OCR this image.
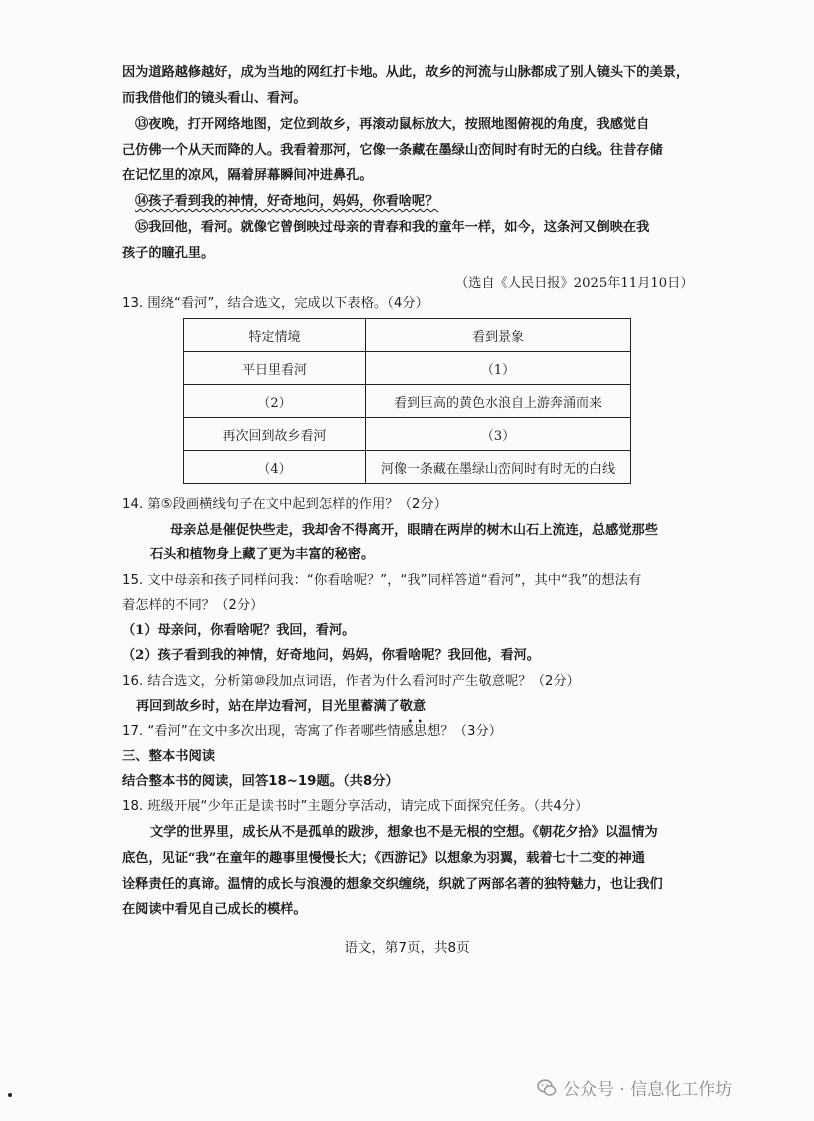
因为道路越修越好，成为当地的网红打卡地。从此，故乡的河流与山脉都成了别人镜头下的美景，
而我借他们的镜头看山、看河。
⑬夜晚，打开网络地图，定位到故乡，再滚动鼠标放大，按照地图俯视的角度，我感觉自
己仿佛一个从天而降的人。我看着那河，它像一条藏在墨绿山峦间时有时无的白线。往昔存储
在记忆里的凉风，隔着屏幕瞬间冲进鼻孔。
⑭孩子看到我的神情，好奇地问，妈妈，你看啥呢？
⑮我回他，看河。就像它曾倒映过母亲的青春和我的童年一样，如今，这条河又倒映在我
孩子的瞳孔里。
（选自《人民日报》2025年11月10日）
13. 围绕“看河”，结合选文，完成以下表格。（4分）
特定情境	看到景象
平日里看河	（1）
（2）	看到巨高的黄色水浪自上游奔涌而来
再次回到故乡看河	（3）
（4）	河像一条藏在墨绿山峦间时有时无的白线
14. 第⑤段画横线句子在文中起到怎样的作用？（2分）
母亲总是催促快些走，我却舍不得离开，眼睛在两岸的树木山石上流连，总感觉那些
石头和植物身上藏了更为丰富的秘密。
15. 文中母亲和孩子同样问我：“你看啥呢？”，“我”同样答道“看河”，其中“我”的想法有
着怎样的不同？（2分）
（1）母亲问，你看啥呢？我回，看河。
（2）孩子看到我的神情，好奇地问，妈妈，你看啥呢？我回他，看河。
16. 结合选文，分析第⑩段加点词语，作者为什么看河时产生敬意呢？（2分）
再回到故乡时，站在岸边看河，目光里蓄满了敬意 • •
17. “看河”在文中多次出现，寄寓了作者哪些情感思想？（3分）
三、整本书阅读
结合整本书的阅读，回答18~19题。（共8分）
18. 班级开展“少年正是读书时”主题分享活动，请完成下面探究任务。（共4分）
文学的世界里，成长从不是孤单的跋涉，想象也不是无根的空想。《朝花夕拾》以温情为
底色，见证“我”在童年的趣事里慢慢长大；《西游记》以想象为羽翼，载着七十二变的神通
诠释责任的真谛。温情的成长与浪漫的想象交织缠绕，织就了两部名著的独特魅力，也让我们
在阅读中看见自己成长的模样。
语文，第7页，共8页
公众号 · 信息化工作坊
